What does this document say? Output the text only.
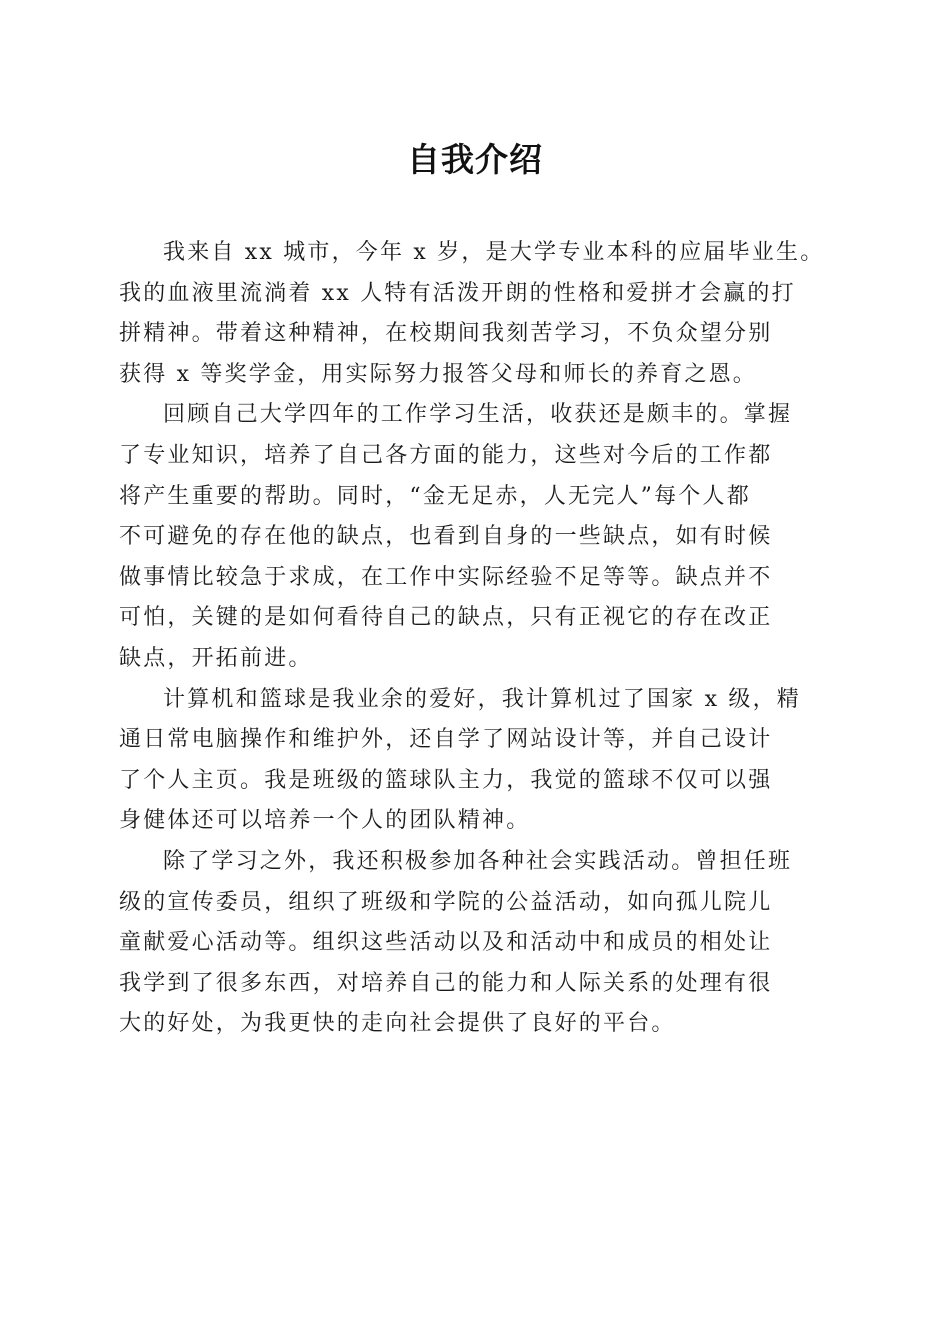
自我介绍
我来自 xx 城市，今年 x 岁，是大学专业本科的应届毕业生。
我的血液里流淌着 xx 人特有活泼开朗的性格和爱拼才会赢的打
拼精神。带着这种精神，在校期间我刻苦学习，不负众望分别
获得 x 等奖学金，用实际努力报答父母和师长的养育之恩。
回顾自己大学四年的工作学习生活，收获还是颇丰的。掌握
了专业知识，培养了自己各方面的能力，这些对今后的工作都
将产生重要的帮助。同时，“金无足赤，人无完人”每个人都
不可避免的存在他的缺点，也看到自身的一些缺点，如有时候
做事情比较急于求成，在工作中实际经验不足等等。缺点并不
可怕，关键的是如何看待自己的缺点，只有正视它的存在改正
缺点，开拓前进。
计算机和篮球是我业余的爱好，我计算机过了国家 x 级，精
通日常电脑操作和维护外，还自学了网站设计等，并自己设计
了个人主页。我是班级的篮球队主力，我觉的篮球不仅可以强
身健体还可以培养一个人的团队精神。
除了学习之外，我还积极参加各种社会实践活动。曾担任班
级的宣传委员，组织了班级和学院的公益活动，如向孤儿院儿
童献爱心活动等。组织这些活动以及和活动中和成员的相处让
我学到了很多东西，对培养自己的能力和人际关系的处理有很
大的好处，为我更快的走向社会提供了良好的平台。
